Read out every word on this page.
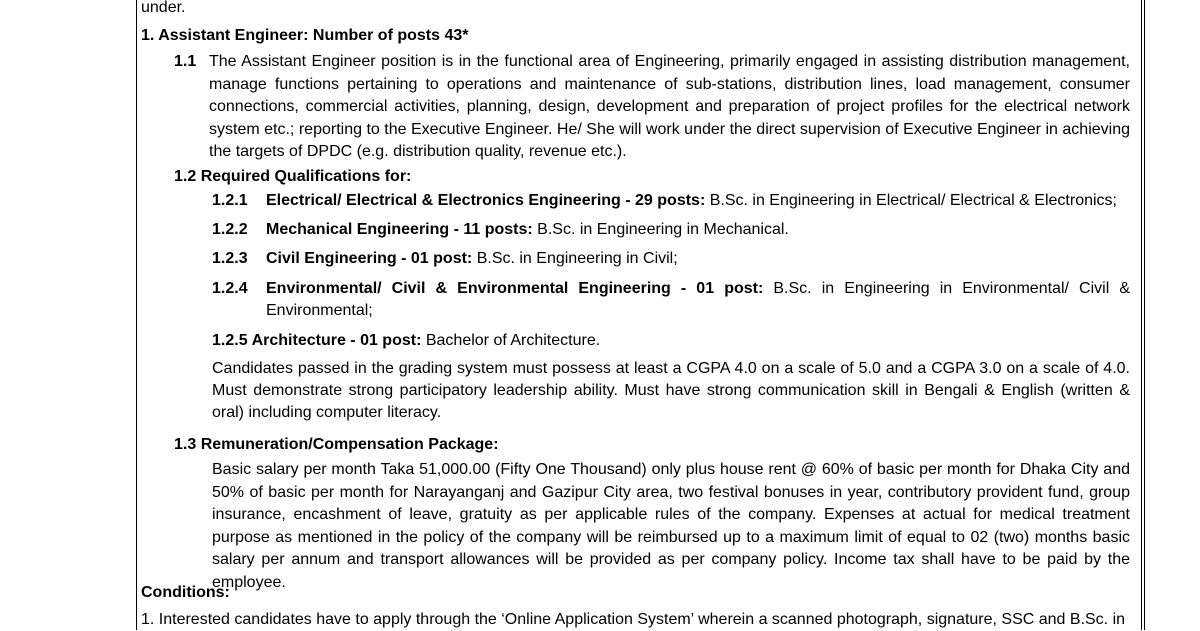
under.
1. Assistant Engineer: Number of posts 43*
1.1 The Assistant Engineer position is in the functional area of Engineering, primarily engaged in assisting distribution management, manage functions pertaining to operations and maintenance of sub-stations, distribution lines, load management, consumer connections, commercial activities, planning, design, development and preparation of project profiles for the electrical network system etc.; reporting to the Executive Engineer. He/ She will work under the direct supervision of Executive Engineer in achieving the targets of DPDC (e.g. distribution quality, revenue etc.).
1.2 Required Qualifications for:
1.2.1	Electrical/ Electrical & Electronics Engineering - 29 posts: B.Sc. in Engineering in Electrical/ Electrical & Electronics;
1.2.2	Mechanical Engineering - 11 posts: B.Sc. in Engineering in Mechanical.
1.2.3	Civil Engineering - 01 post: B.Sc. in Engineering in Civil;
1.2.4	Environmental/ Civil & Environmental Engineering - 01 post: B.Sc. in Engineering in Environmental/ Civil & Environmental;
1.2.5 Architecture - 01 post: Bachelor of Architecture.
Candidates passed in the grading system must possess at least a CGPA 4.0 on a scale of 5.0 and a CGPA 3.0 on a scale of 4.0. Must demonstrate strong participatory leadership ability. Must have strong communication skill in Bengali & English (written & oral) including computer literacy.
1.3 Remuneration/Compensation Package:
Basic salary per month Taka 51,000.00 (Fifty One Thousand) only plus house rent @ 60% of basic per month for Dhaka City and 50% of basic per month for Narayanganj and Gazipur City area, two festival bonuses in year, contributory provident fund, group insurance, encashment of leave, gratuity as per applicable rules of the company. Expenses at actual for medical treatment purpose as mentioned in the policy of the company will be reimbursed up to a maximum limit of equal to 02 (two) months basic salary per annum and transport allowances will be provided as per company policy. Income tax shall have to be paid by the employee.
Conditions:
1. Interested candidates have to apply through the ‘Online Application System’ wherein a scanned photograph, signature, SSC and B.Sc. in
